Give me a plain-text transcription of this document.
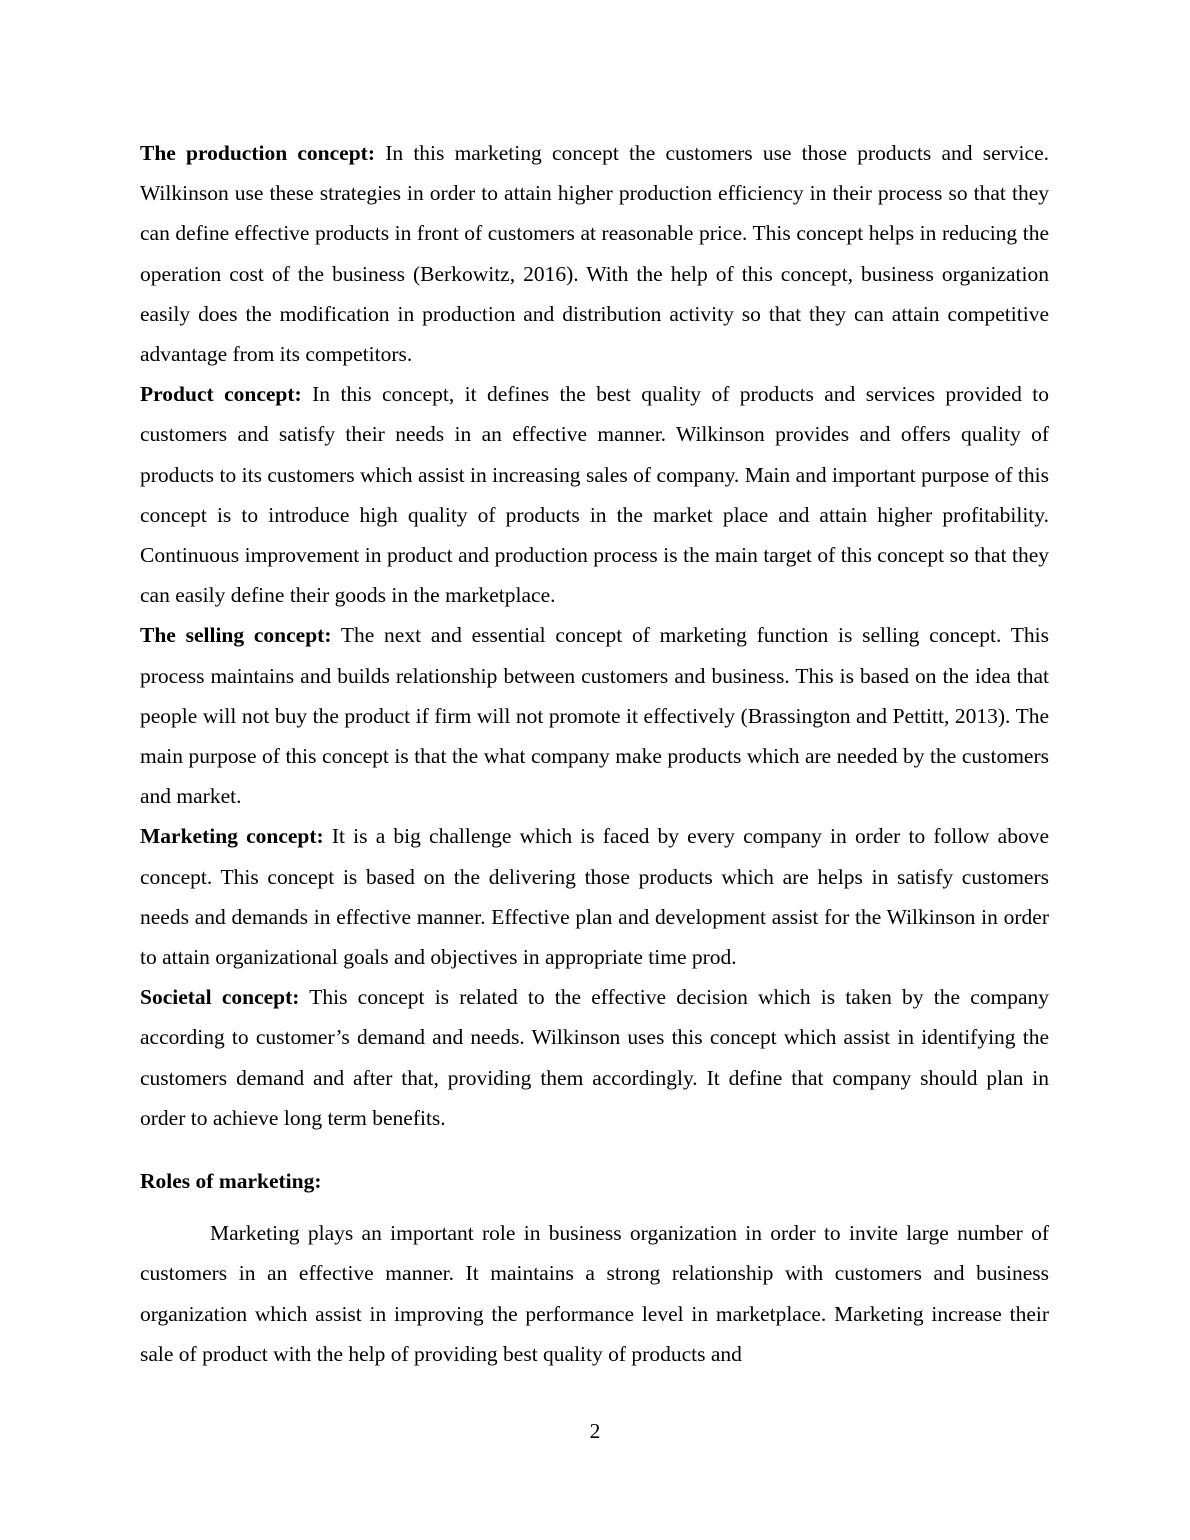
The production concept: In this marketing concept the customers use those products and service. Wilkinson use these strategies in order to attain higher production efficiency in their process so that they can define effective products in front of customers at reasonable price. This concept helps in reducing the operation cost of the business (Berkowitz, 2016). With the help of this concept, business organization easily does the modification in production and distribution activity so that they can attain competitive advantage from its competitors.

Product concept: In this concept, it defines the best quality of products and services provided to customers and satisfy their needs in an effective manner. Wilkinson provides and offers quality of products to its customers which assist in increasing sales of company. Main and important purpose of this concept is to introduce high quality of products in the market place and attain higher profitability. Continuous improvement in product and production process is the main target of this concept so that they can easily define their goods in the marketplace.

The selling concept: The next and essential concept of marketing function is selling concept. This process maintains and builds relationship between customers and business. This is based on the idea that people will not buy the product if firm will not promote it effectively (Brassington and Pettitt, 2013). The main purpose of this concept is that the what company make products which are needed by the customers and market.

Marketing concept: It is a big challenge which is faced by every company in order to follow above concept. This concept is based on the delivering those products which are helps in satisfy customers needs and demands in effective manner. Effective plan and development assist for the Wilkinson in order to attain organizational goals and objectives in appropriate time prod.

Societal concept: This concept is related to the effective decision which is taken by the company according to customer’s demand and needs. Wilkinson uses this concept which assist in identifying the customers demand and after that, providing them accordingly. It define that company should plan in order to achieve long term benefits.

Roles of marketing:

Marketing plays an important role in business organization in order to invite large number of customers in an effective manner. It maintains a strong relationship with customers and business organization which assist in improving the performance level in marketplace. Marketing increase their sale of product with the help of providing best quality of products and

2
